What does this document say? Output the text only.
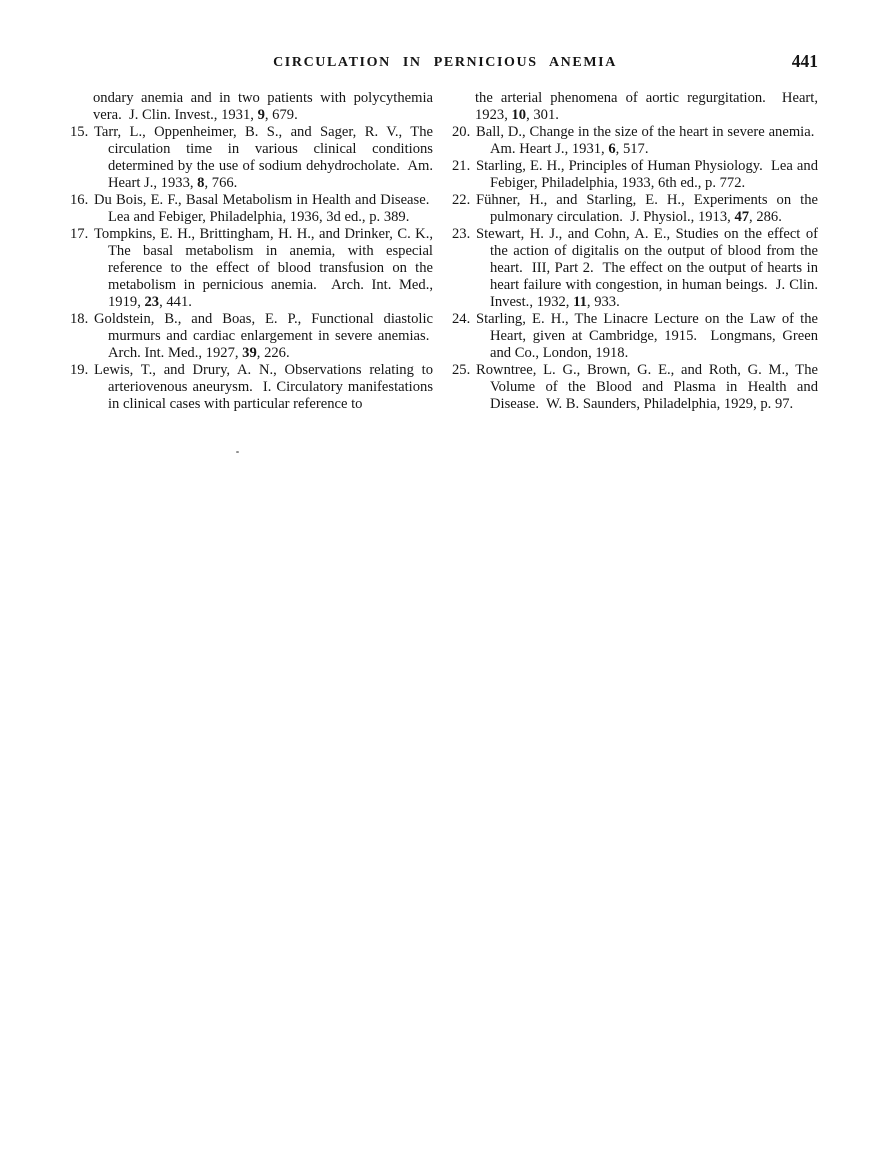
CIRCULATION IN PERNICIOUS ANEMIA	441
ondary anemia and in two patients with polycythemia vera.  J. Clin. Invest., 1931, 9, 679.
15. Tarr, L., Oppenheimer, B. S., and Sager, R. V., The circulation time in various clinical conditions determined by the use of sodium dehydrocholate.  Am. Heart J., 1933, 8, 766.
16. Du Bois, E. F., Basal Metabolism in Health and Disease.  Lea and Febiger, Philadelphia, 1936, 3d ed., p. 389.
17. Tompkins, E. H., Brittingham, H. H., and Drinker, C. K., The basal metabolism in anemia, with especial reference to the effect of blood transfusion on the metabolism in pernicious anemia.  Arch. Int. Med., 1919, 23, 441.
18. Goldstein, B., and Boas, E. P., Functional diastolic murmurs and cardiac enlargement in severe anemias.  Arch. Int. Med., 1927, 39, 226.
19. Lewis, T., and Drury, A. N., Observations relating to arteriovenous aneurysm.  I. Circulatory manifestations in clinical cases with particular reference to
the arterial phenomena of aortic regurgitation.  Heart, 1923, 10, 301.
20. Ball, D., Change in the size of the heart in severe anemia.  Am. Heart J., 1931, 6, 517.
21. Starling, E. H., Principles of Human Physiology.  Lea and Febiger, Philadelphia, 1933, 6th ed., p. 772.
22. Fühner, H., and Starling, E. H., Experiments on the pulmonary circulation.  J. Physiol., 1913, 47, 286.
23. Stewart, H. J., and Cohn, A. E., Studies on the effect of the action of digitalis on the output of blood from the heart.  III, Part 2.  The effect on the output of hearts in heart failure with congestion, in human beings.  J. Clin. Invest., 1932, 11, 933.
24. Starling, E. H., The Linacre Lecture on the Law of the Heart, given at Cambridge, 1915.  Longmans, Green and Co., London, 1918.
25. Rowntree, L. G., Brown, G. E., and Roth, G. M., The Volume of the Blood and Plasma in Health and Disease.  W. B. Saunders, Philadelphia, 1929, p. 97.
